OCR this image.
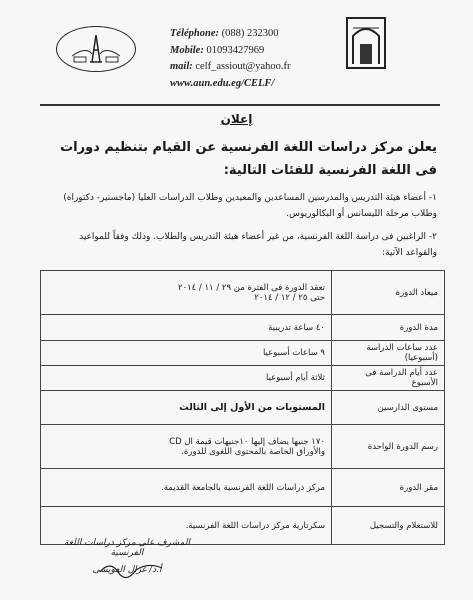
Téléphone: (088) 232300
Mobile: 01093427969
mail: celf_assiout@yahoo.fr
www.aun.edu.eg/CELF/
إعلان
يعلن مركز دراسات اللغة الفرنسية عن القيام بتنظيم دورات فى اللغة الفرنسية للفئات التالية:
١- أعضاء هيئة التدريس والمدرسين المساعدين والمعيدين وطلاب الدراسات العليا (ماجستير- دكتوراه) وطلاب مرحلة الليسانس أو البكالوريوس.
٢- الراغبين فى دراسة اللغة الفرنسية، من غير أعضاء هيئة التدريس والطلاب. وذلك وفقاً للمواعيد والقواعد الآتية:
ميعاد الدورة	تعقد الدورة فى الفترة من ٢٩ / ١١ / ٢٠١٤
حتى ٢٥ / ١٢ / ٢٠١٤

مدة الدورة	٤٠ ساعة تدريبية
عدد ساعات الدراسة (أسبوعيا)	٩ ساعات أسبوعيا
عدد أيام الدراسة فى الأسبوع	ثلاثة أيام أسبوعيا
مستوى الدارسين	المستويات من الأول إلى الثالث
رسم الدورة الواحدة	١٧٠ جنيها يضاف إليها ١٠جنيهات قيمة ال CD
والأوراق الخاصة بالمحتوى اللغوى للدورة.

مقر الدورة	مركز دراسات اللغة الفرنسية بالجامعة القديمة.
للاستعلام والتسجيل	سكرتارية مركز دراسات اللغة الفرنسية.
المشرف على مركز دراسات اللغة الفرنسية
أ.د/ غزال العويسى
